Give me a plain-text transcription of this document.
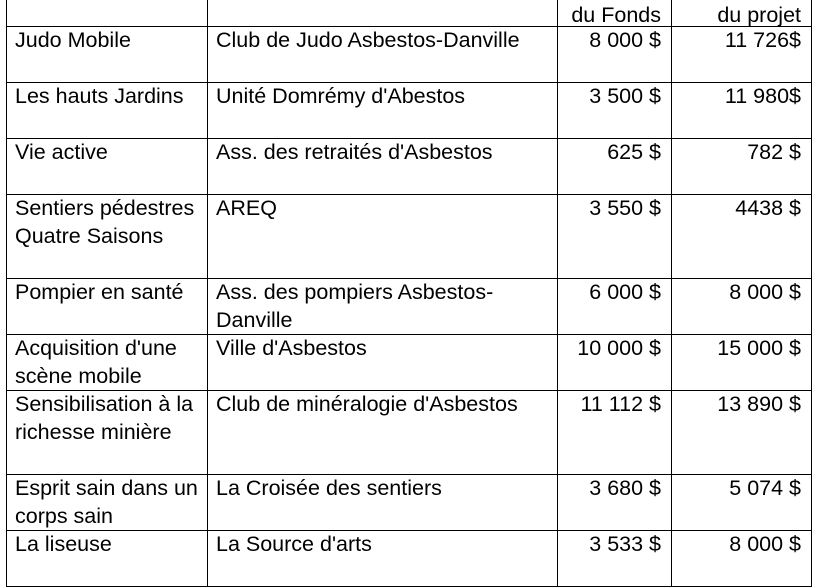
		du Fonds	du projet
Judo Mobile	Club de Judo Asbestos-Danville	8 000 $	11 726$
Les hauts Jardins	Unité Domrémy d'Abestos	3 500 $	11 980$
Vie active	Ass. des retraités d'Asbestos	625 $	782 $
Sentiers pédestres Quatre Saisons	AREQ	3 550 $	4438 $
Pompier en santé	Ass. des pompiers Asbestos-Danville	6 000 $	8 000 $
Acquisition d'une scène mobile	Ville d'Asbestos	10 000 $	15 000 $
Sensibilisation à la richesse minière	Club de minéralogie d'Asbestos	11 112 $	13 890 $
Esprit sain dans un corps sain	La Croisée des sentiers	3 680 $	5 074 $
La liseuse	La Source d'arts	3 533 $	8 000 $
